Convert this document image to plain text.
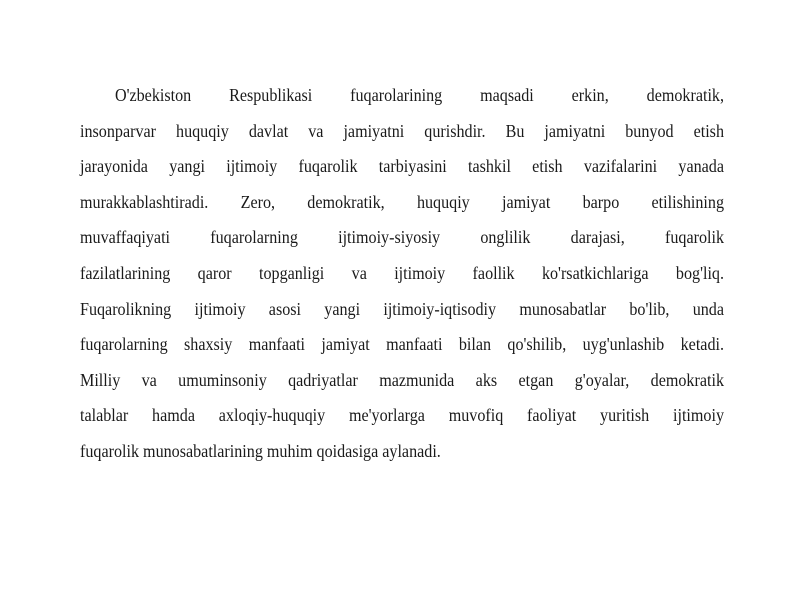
O'zbekiston Respublikasi fuqarolarining maqsadi erkin, demokratik,
insonparvar huquqiy davlat va jamiyatni qurishdir. Bu jamiyatni bunyod etish
jarayonida yangi ijtimoiy fuqarolik tarbiyasini tashkil etish vazifalarini yanada
murakkablashtiradi. Zero, demokratik, huquqiy jamiyat barpo etilishining
muvaffaqiyati fuqarolarning ijtimoiy-siyosiy onglilik darajasi, fuqarolik
fazilatlarining qaror topganligi va ijtimoiy faollik ko'rsatkichlariga bog'liq.
Fuqarolikning ijtimoiy asosi yangi ijtimoiy-iqtisodiy munosabatlar bo'lib, unda
fuqarolarning shaxsiy manfaati jamiyat manfaati bilan qo'shilib, uyg'unlashib ketadi.
Milliy va umuminsoniy qadriyatlar mazmunida aks etgan g'oyalar, demokratik
talablar hamda axloqiy-huquqiy me'yorlarga muvofiq faoliyat yuritish ijtimoiy
fuqarolik munosabatlarining muhim qoidasiga aylanadi.
